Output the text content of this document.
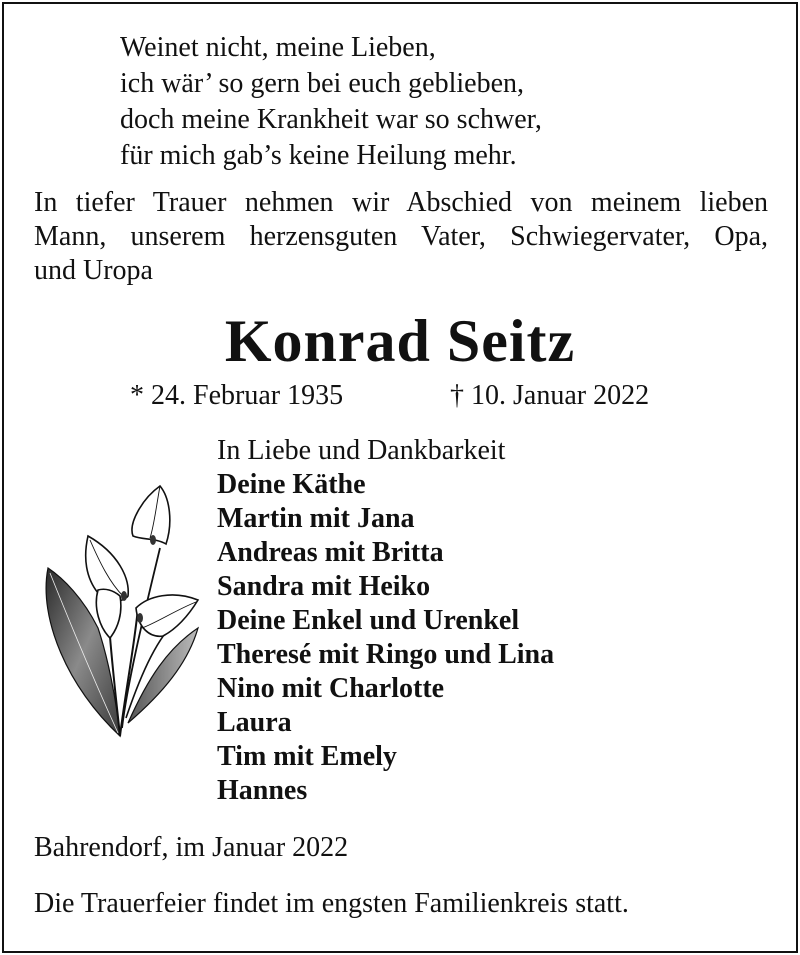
Weinet nicht, meine Lieben,
ich wär’ so gern bei euch geblieben,
doch meine Krankheit war so schwer,
für mich gab’s keine Heilung mehr.
In tiefer Trauer nehmen wir Abschied von meinem lieben
Mann, unserem herzensguten Vater, Schwiegervater, Opa,
und Uropa
Konrad Seitz
* 24. Februar 1935	† 10. Januar 2022
In Liebe und Dankbarkeit
Deine Käthe
Martin mit Jana
Andreas mit Britta
Sandra mit Heiko
Deine Enkel und Urenkel
Theresé mit Ringo und Lina
Nino mit Charlotte
Laura
Tim mit Emely
Hannes
Bahrendorf, im Januar 2022
Die Trauerfeier findet im engsten Familienkreis statt.
